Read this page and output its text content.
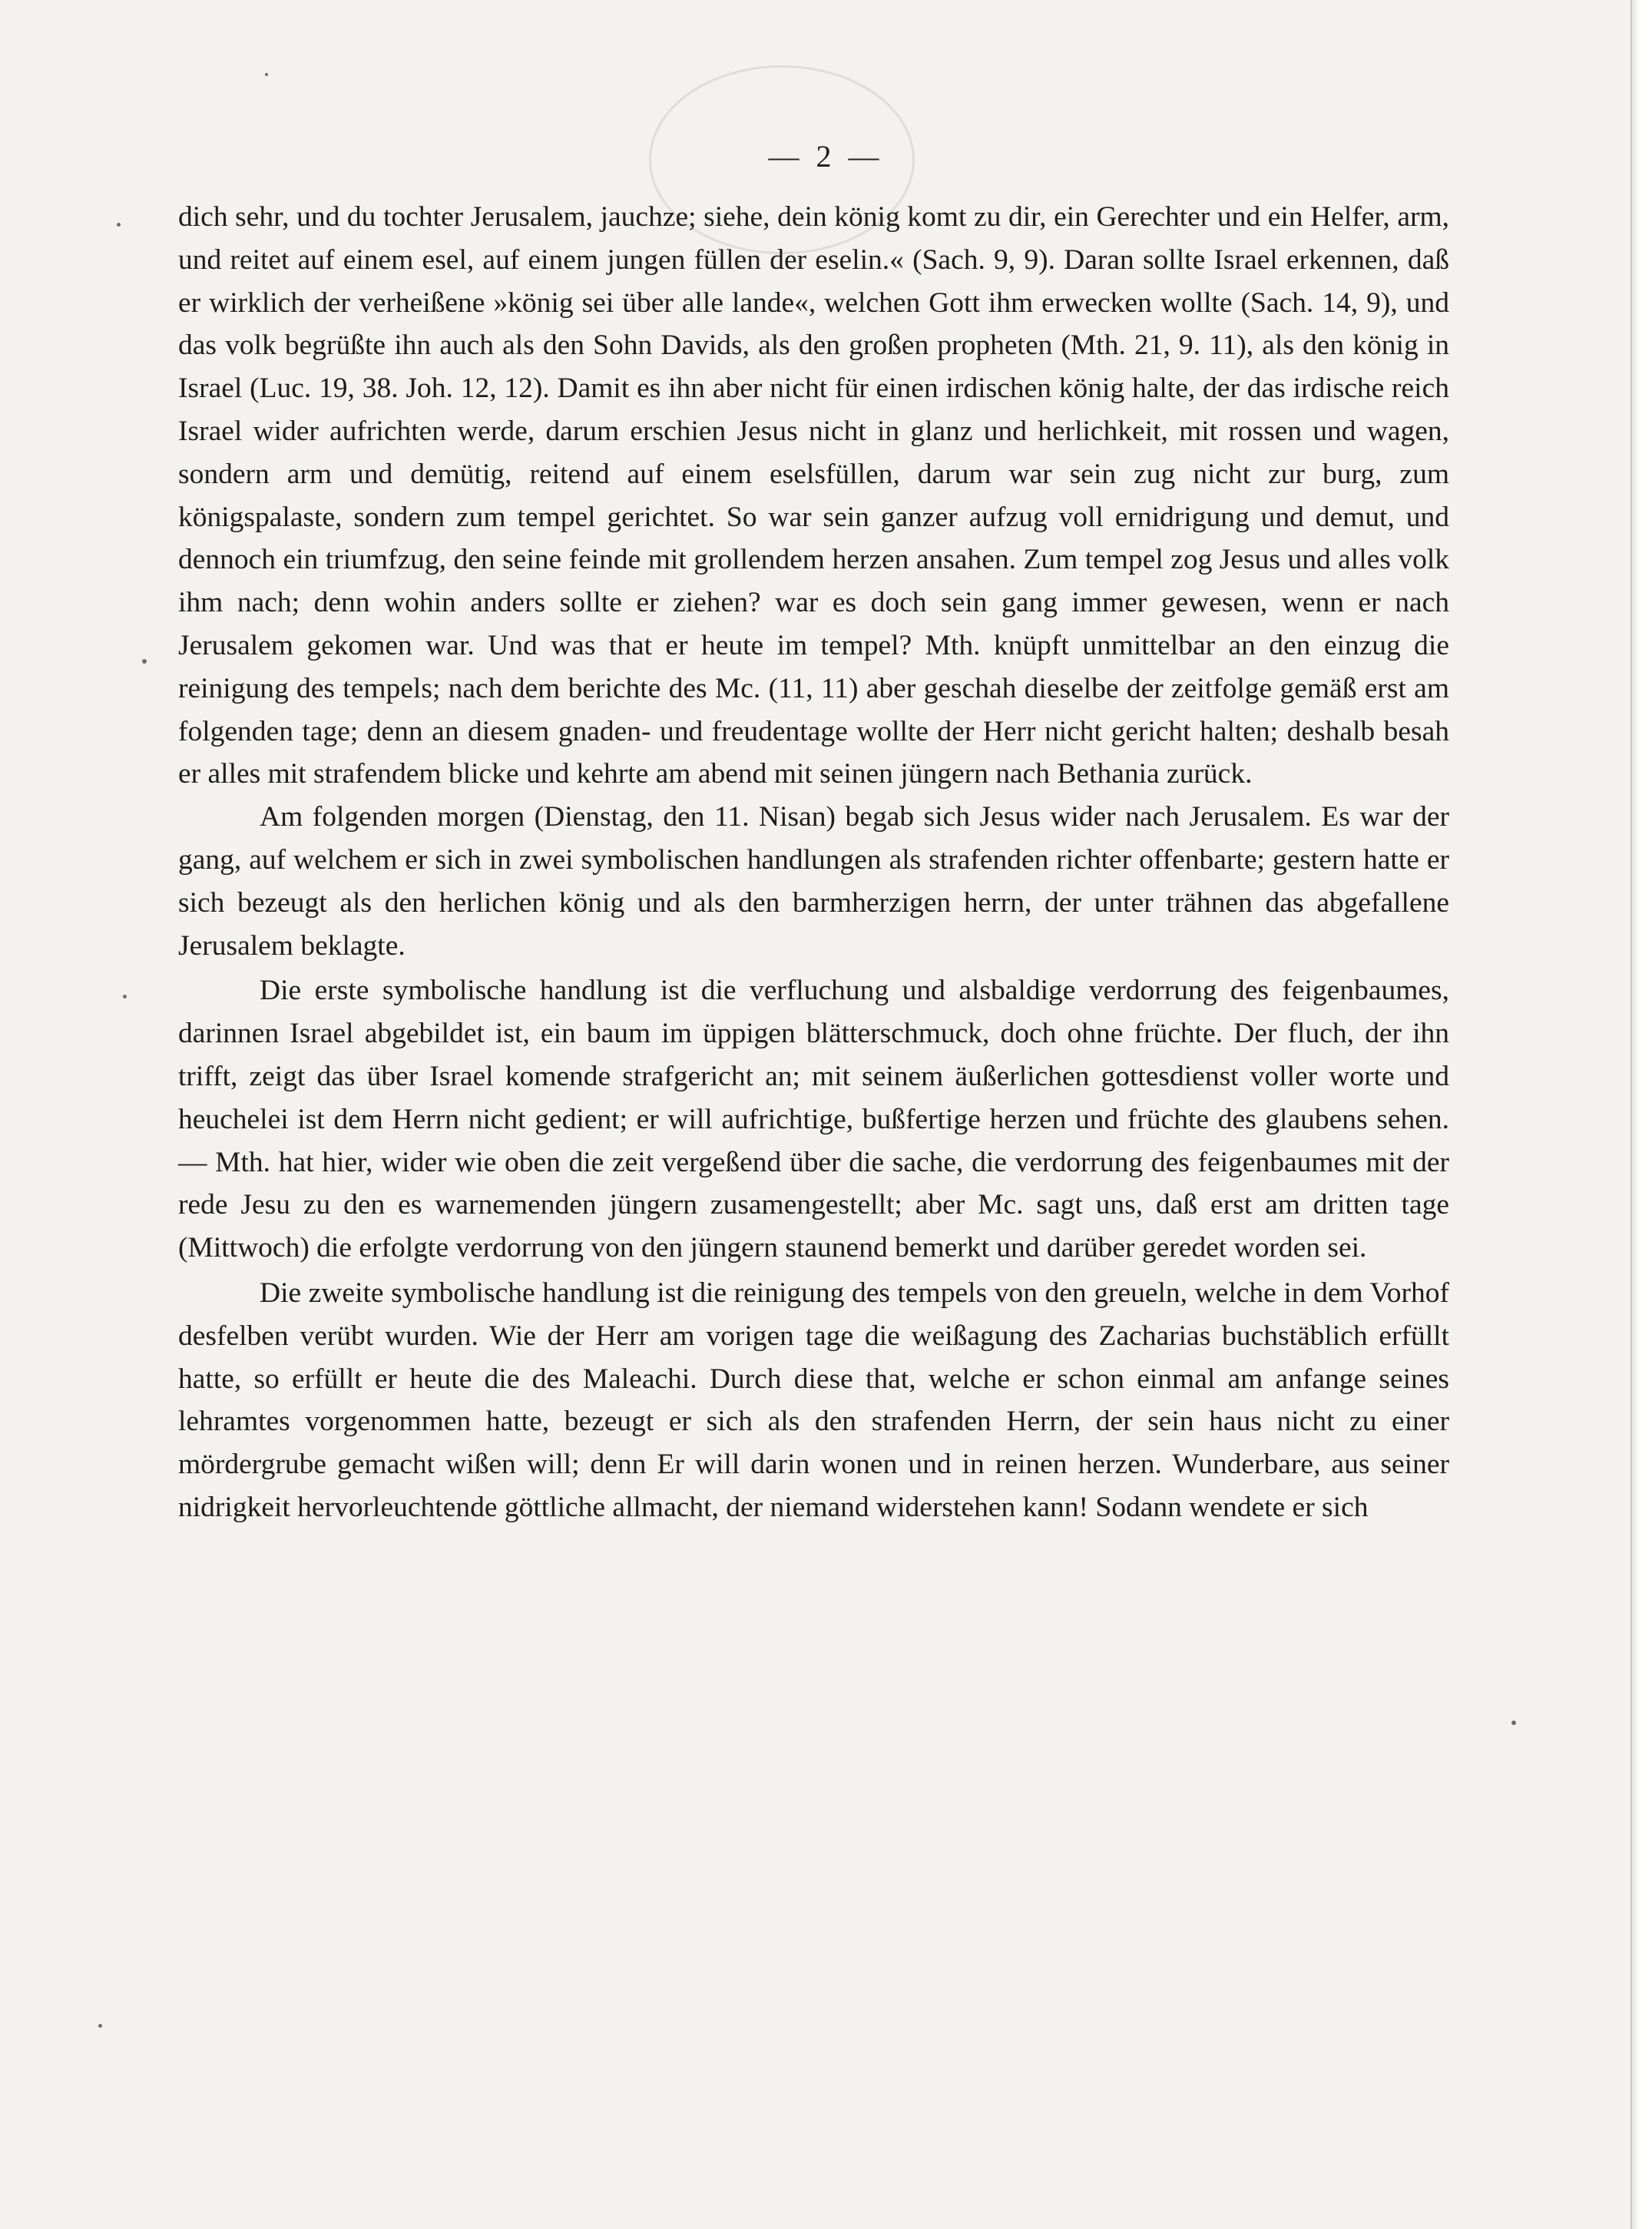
— 2 —

dich sehr, und du tochter Jerusalem, jauchze; siehe, dein könig komt zu dir, ein Gerechter und ein Helfer, arm, und reitet auf einem esel, auf einem jungen füllen der eselin.« (Sach. 9, 9). Daran sollte Israel erkennen, daß er wirklich der verheißene »könig sei über alle lande«, welchen Gott ihm erwecken wollte (Sach. 14, 9), und das volk begrüßte ihn auch als den Sohn Davids, als den großen propheten (Mth. 21, 9. 11), als den könig in Israel (Luc. 19, 38. Joh. 12, 12). Damit es ihn aber nicht für einen irdischen könig halte, der das irdische reich Israel wider aufrichten werde, darum erschien Jesus nicht in glanz und herlichkeit, mit rossen und wagen, sondern arm und demütig, reitend auf einem eselsfüllen, darum war sein zug nicht zur burg, zum königspalaste, sondern zum tempel gerichtet. So war sein ganzer aufzug voll ernidrigung und demut, und dennoch ein triumfzug, den seine feinde mit grollendem herzen ansahen. Zum tempel zog Jesus und alles volk ihm nach; denn wohin anders sollte er ziehen? war es doch sein gang immer gewesen, wenn er nach Jerusalem gekomen war. Und was that er heute im tempel? Mth. knüpft unmittelbar an den einzug die reinigung des tempels; nach dem berichte des Mc. (11, 11) aber geschah dieselbe der zeitfolge gemäß erst am folgenden tage; denn an diesem gnaden- und freudentage wollte der Herr nicht gericht halten; deshalb besah er alles mit strafendem blicke und kehrte am abend mit seinen jüngern nach Bethania zurück.

Am folgenden morgen (Dienstag, den 11. Nisan) begab sich Jesus wider nach Jerusalem. Es war der gang, auf welchem er sich in zwei symbolischen handlungen als strafenden richter offenbarte; gestern hatte er sich bezeugt als den herlichen könig und als den barmherzigen herrn, der unter trähnen das abgefallene Jerusalem beklagte.

Die erste symbolische handlung ist die verfluchung und alsbaldige verdorrung des feigenbaumes, darinnen Israel abgebildet ist, ein baum im üppigen blätterschmuck, doch ohne früchte. Der fluch, der ihn trifft, zeigt das über Israel komende strafgericht an; mit seinem äußerlichen gottesdienst voller worte und heuchelei ist dem Herrn nicht gedient; er will aufrichtige, bußfertige herzen und früchte des glaubens sehen. — Mth. hat hier, wider wie oben die zeit vergeßend über die sache, die verdorrung des feigenbaumes mit der rede Jesu zu den es warnemenden jüngern zusamengestellt; aber Mc. sagt uns, daß erst am dritten tage (Mittwoch) die erfolgte verdorrung von den jüngern staunend bemerkt und darüber geredet worden sei.

Die zweite symbolische handlung ist die reinigung des tempels von den greueln, welche in dem Vorhof desfelben verübt wurden. Wie der Herr am vorigen tage die weißagung des Zacharias buchstäblich erfüllt hatte, so erfüllt er heute die des Maleachi. Durch diese that, welche er schon einmal am anfange seines lehramtes vorgenommen hatte, bezeugt er sich als den strafenden Herrn, der sein haus nicht zu einer mördergrube gemacht wißen will; denn Er will darin wonen und in reinen herzen. Wunderbare, aus seiner nidrigkeit hervorleuchtende göttliche allmacht, der niemand widerstehen kann! Sodann wendete er sich
